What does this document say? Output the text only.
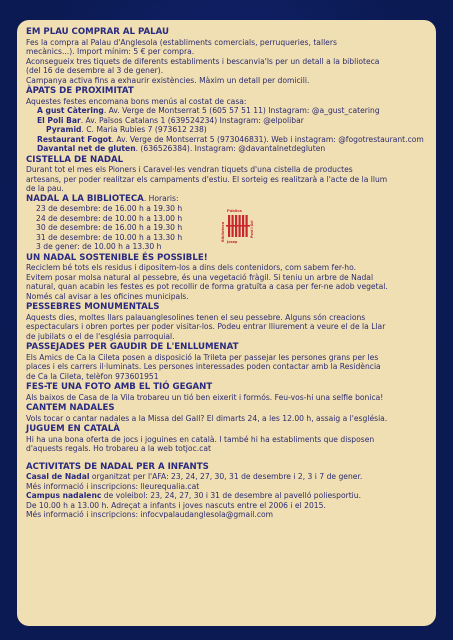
EM PLAU COMPRAR AL PALAU

Fes la compra al Palau d'Anglesola (establiments comercials, perruqueries, tallers

mecànics...). Import mínim: 5 € per compra.

Aconsegueix tres tiquets de diferents establiments i bescanvia'ls per un detall a la biblioteca

(del 16 de desembre al 3 de gener).

Campanya activa fins a exhaurir existències. Màxim un detall per domicili.

ÀPATS DE PROXIMITAT

Aquestes festes encomana bons menús al costat de casa:

A gust Càtering. Av. Verge de Montserrat 5 (605 57 51 11) Instagram: @a_gust_catering

El Poli Bar. Av. Països Catalans 1 (639524234) Instagram: @elpolibar

Pyramid. C. Maria Rubies 7 (973612 238)

Restaurant Fogot. Av. Verge de Montserrat 5 (973046831). Web i instagram: @fogotrestaurant.com

Davantal net de gluten. (636526384). Instagram: @davantalnetdegluten

CISTELLA DE NADAL

Durant tot el mes els Pioners i Caravel·les vendran tiquets d'una cistella de productes

artesans, per poder realitzar els campaments d'estiu. El sorteig es realitzarà a l'acte de la llum

de la pau.

NADAL A LA BIBLIOTECA. Horaris:

23 de desembre: de 16.00 h a 19.30 h

24 de desembre: de 10.00 h a 13.00 h

30 de desembre: de 16.00 h a 19.30 h

31 de desembre: de 10.00 h a 13.30 h

3 de gener: de 10.00 h a 13.30 h

Biblioteca
Pública
Josep
Pont i Gol
UN NADAL SOSTENIBLE ÉS POSSIBLE!

Reciclem bé tots els residus i dipositem-los a dins dels contenidors, com sabem fer-ho.

Evitem posar molsa natural al pessebre, és una vegetació fràgil. Si teniu un arbre de Nadal

natural, quan acabin les festes es pot recollir de forma gratuïta a casa per fer-ne adob vegetal.

Només cal avisar a les oficines municipals.

PESSEBRES MONUMENTALS

Aquests dies, moltes llars palauanglesolines tenen el seu pessebre. Alguns són creacions

espectaculars i obren portes per poder visitar-los. Podeu entrar lliurement a veure el de la Llar

de jubilats o el de l'església parroquial.

PASSEJADES PER GAUDIR DE L'ENLLUMENAT

Els Amics de Ca la Cileta posen a disposició la Trileta per passejar les persones grans per les

places i els carrers il·luminats. Les persones interessades poden contactar amb la Residència

de Ca la Cileta, telèfon 973601951

FES-TE UNA FOTO AMB EL TIÓ GEGANT

Als baixos de Casa de la Vila trobareu un tió ben eixerit i formós. Feu-vos-hi una selfie bonica!

CANTEM NADALES

Vols tocar o cantar nadales a la Missa del Gall? El dimarts 24, a les 12.00 h, assaig a l'església.

JUGUEM EN CATALÀ

Hi ha una bona oferta de jocs i joguines en català. I també hi ha establiments que disposen

d'aquests regals. Ho trobareu a la web totjoc.cat

ACTIVITATS DE NADAL PER A INFANTS

Casal de Nadal organitzat per l'AFA: 23, 24, 27, 30, 31 de desembre i 2, 3 i 7 de gener.

Més informació i inscripcions: lleurequalia.cat

Campus nadalenc de voleibol: 23, 24, 27, 30 i 31 de desembre al pavelló poliesportiu.

De 10.00 h a 13.00 h. Adreçat a infants i joves nascuts entre el 2006 i el 2015.

Més informació i inscripcions: infocvpalaudanglesola@gmail.com
